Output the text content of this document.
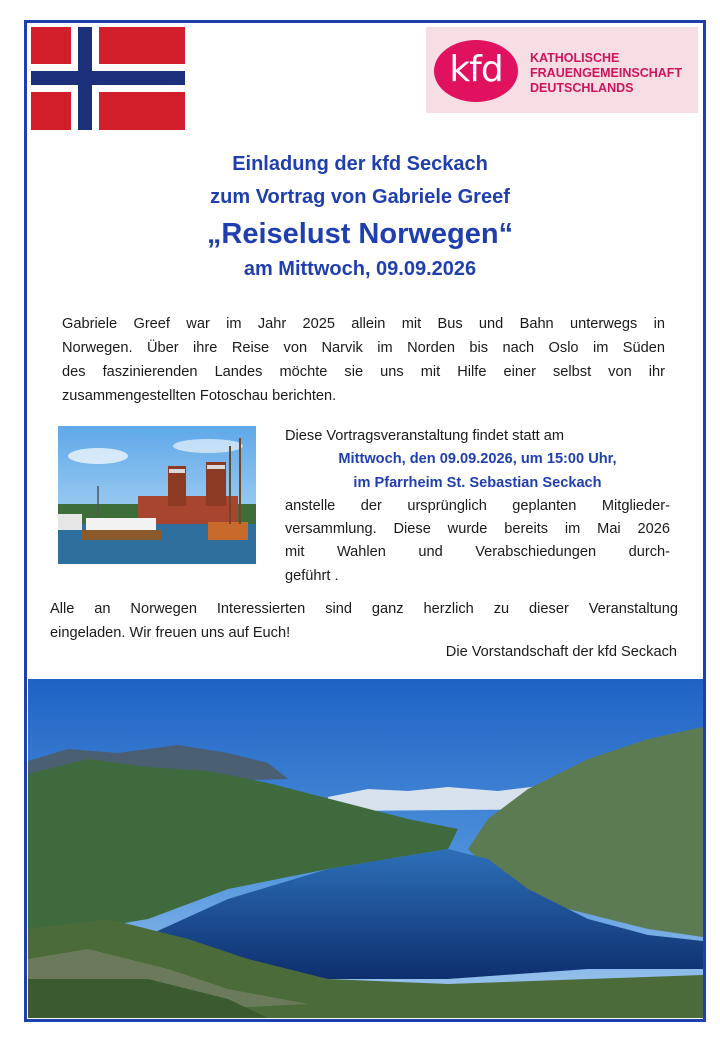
kfd	KATHOLISCHE
FRAUENGEMEINSCHAFT
DEUTSCHLANDS
Einladung der kfd Seckach
zum Vortrag von Gabriele Greef
„Reiselust Norwegen“
am Mittwoch, 09.09.2026
Gabriele Greef war im Jahr 2025 allein mit Bus und Bahn unterwegs in
Norwegen. Über ihre Reise von Narvik im Norden bis nach Oslo im Süden
des faszinierenden Landes möchte sie uns mit Hilfe einer selbst von ihr
zusammengestellten Fotoschau berichten.
Diese Vortragsveranstaltung findet statt am
Mittwoch, den 09.09.2026, um 15:00 Uhr,
im Pfarrheim St. Sebastian Seckach
anstelle der ursprünglich geplanten Mitglieder-
versammlung. Diese wurde bereits im Mai 2026
mit Wahlen und Verabschiedungen durch-
geführt .
Alle an Norwegen Interessierten sind ganz herzlich zu dieser Veranstaltung
eingeladen. Wir freuen uns auf Euch!
Die Vorstandschaft der kfd Seckach
